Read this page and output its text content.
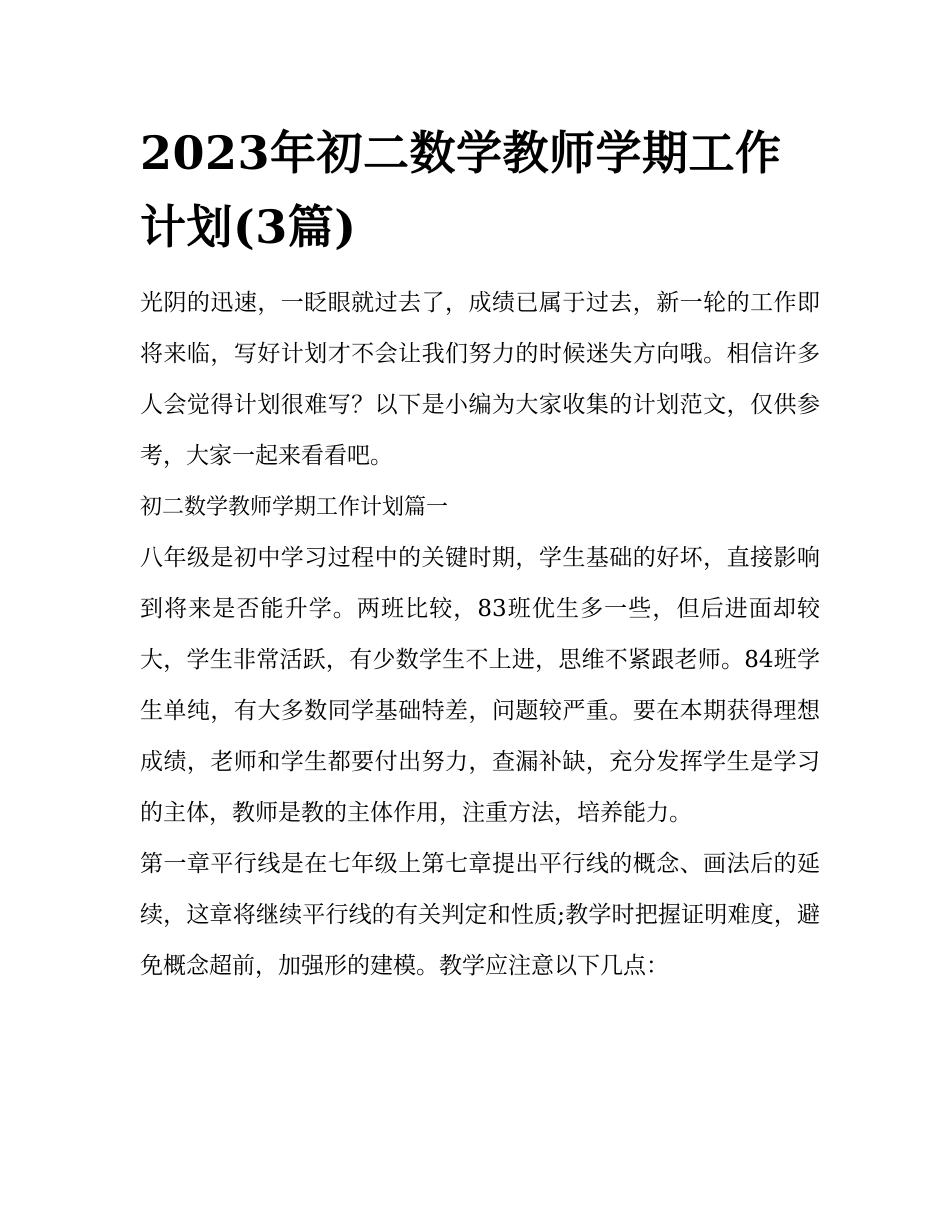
2023年初二数学教师学期工作计划(3篇)

光阴的迅速，一眨眼就过去了，成绩已属于过去，新一轮的工作即将来临，写好计划才不会让我们努力的时候迷失方向哦。相信许多人会觉得计划很难写？以下是小编为大家收集的计划范文，仅供参考，大家一起来看看吧。

初二数学教师学期工作计划篇一

八年级是初中学习过程中的关键时期，学生基础的好坏，直接影响到将来是否能升学。两班比较，83班优生多一些，但后进面却较大，学生非常活跃，有少数学生不上进，思维不紧跟老师。84班学生单纯，有大多数同学基础特差，问题较严重。要在本期获得理想成绩，老师和学生都要付出努力，查漏补缺，充分发挥学生是学习的主体，教师是教的主体作用，注重方法，培养能力。

第一章平行线是在七年级上第七章提出平行线的概念、画法后的延续，这章将继续平行线的有关判定和性质;教学时把握证明难度，避免概念超前，加强形的建模。教学应注意以下几点：
